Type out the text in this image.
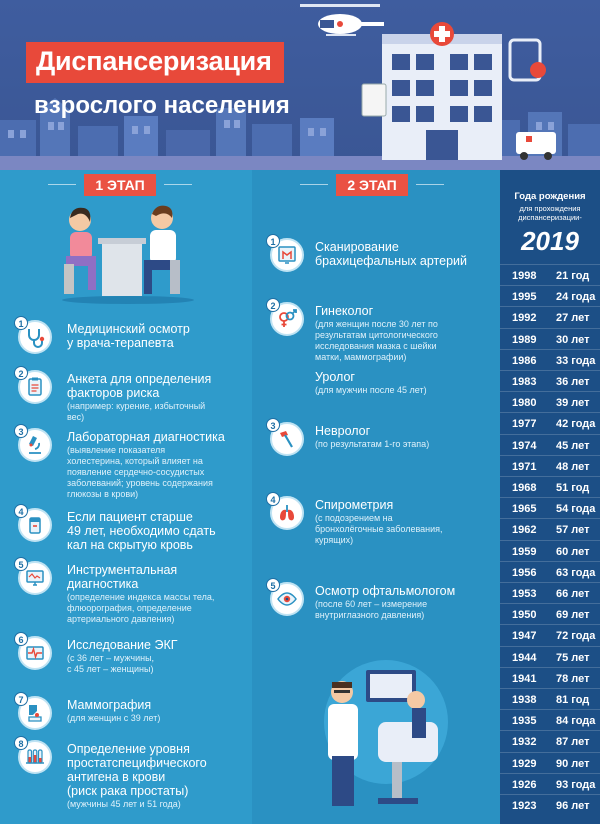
Диспансеризация
взрослого населения
1 ЭТАП	2 ЭТАП
1	Медицинский осмотр
у врача-терапевта
2	Анкета для определения
факторов риска
(например: курение, избыточный
вес)
3	Лабораторная диагностика
(выявление показателя
холестерина, который влияет на
появление сердечно-сосудистых
заболеваний; уровень содержания
глюкозы в крови)
4	Если пациент старше
49 лет, необходимо сдать
кал на скрытую кровь
5	Инструментальная
диагностика
(определение индекса массы тела,
флюорография, определение
артериального давления)
6	Исследование ЭКГ
(с 36 лет – мужчины,
с 45 лет – женщины)
7	Маммография
(для женщин с 39 лет)
8	Определение уровня
простатспецифического
антигена в крови
(риск рака простаты)
(мужчины 45 лет и 51 года)
1	Сканирование
брахицефальных артерий
2	Гинеколог
(для женщин после 30 лет по
результатам цитологического
исследования мазка с шейки
матки, маммографии)
Уролог
(для мужчин после 45 лет)
3	Невролог
(по результатам 1-го этапа)
4	Спирометрия
(с подозрением на
бронхолёгочные заболевания,
курящих)
5	Осмотр офтальмологом
(после 60 лет – измерение
внутриглазного давления)
Года рождения
для прохождения
диспансеризации-
2019
1998 21 год
1995 24 года
1992 27 лет
1989 30 лет
1986 33 года
1983 36 лет
1980 39 лет
1977 42 года
1974 45 лет
1971 48 лет
1968 51 год
1965 54 года
1962 57 лет
1959 60 лет
1956 63 года
1953 66 лет
1950 69 лет
1947 72 года
1944 75 лет
1941 78 лет
1938 81 год
1935 84 года
1932 87 лет
1929 90 лет
1926 93 года
1923 96 лет
